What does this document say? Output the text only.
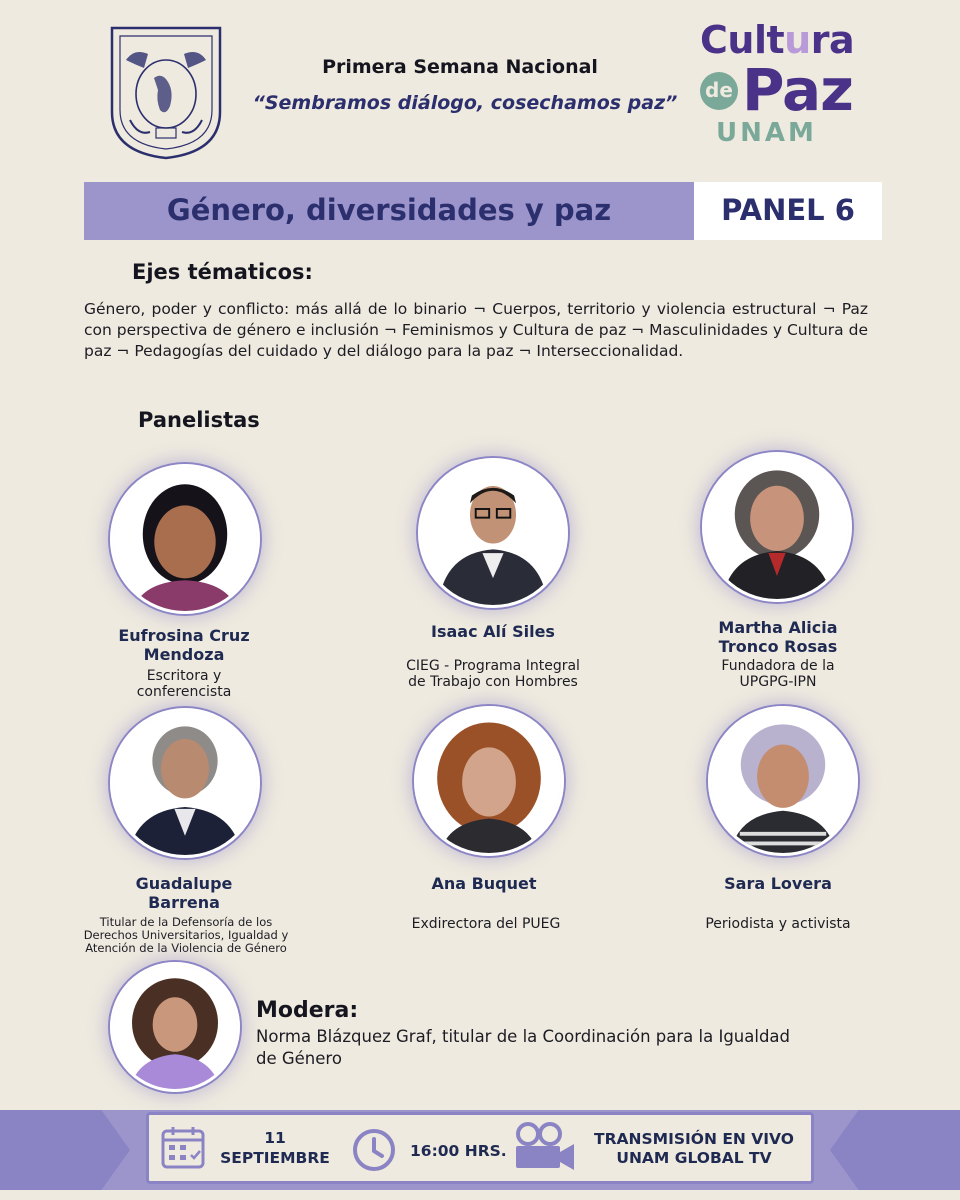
Primera Semana Nacional
“Sembramos diálogo, cosechamos paz”
Cultura
de Paz
UNAM
Género, diversidades y paz	PANEL 6
Ejes tématicos:
Género, poder y conflicto: más allá de lo binario ¬ Cuerpos, territorio y violencia estructural ¬ Paz con perspectiva de género e inclusión ¬ Feminismos y Cultura de paz ¬ Masculinidades y Cultura de paz ¬ Pedagogías del cuidado y del diálogo para la paz ¬ Interseccionalidad.
Panelistas
Eufrosina Cruz
Mendoza
Escritora y
conferencista
Isaac Alí Siles
CIEG - Programa Integral
de Trabajo con Hombres
Martha Alicia
Tronco Rosas
Fundadora de la
UPGPG-IPN
Guadalupe
Barrena
Titular de la Defensoría de los
Derechos Universitarios, Igualdad y
Atención de la Violencia de Género
Ana Buquet
Exdirectora del PUEG
Sara Lovera
Periodista y activista
Modera:
Norma Blázquez Graf, titular de la Coordinación para la Igualdad de Género
11
SEPTIEMBRE	16:00 HRS.
TRANSMISIÓN EN VIVO
UNAM GLOBAL TV
